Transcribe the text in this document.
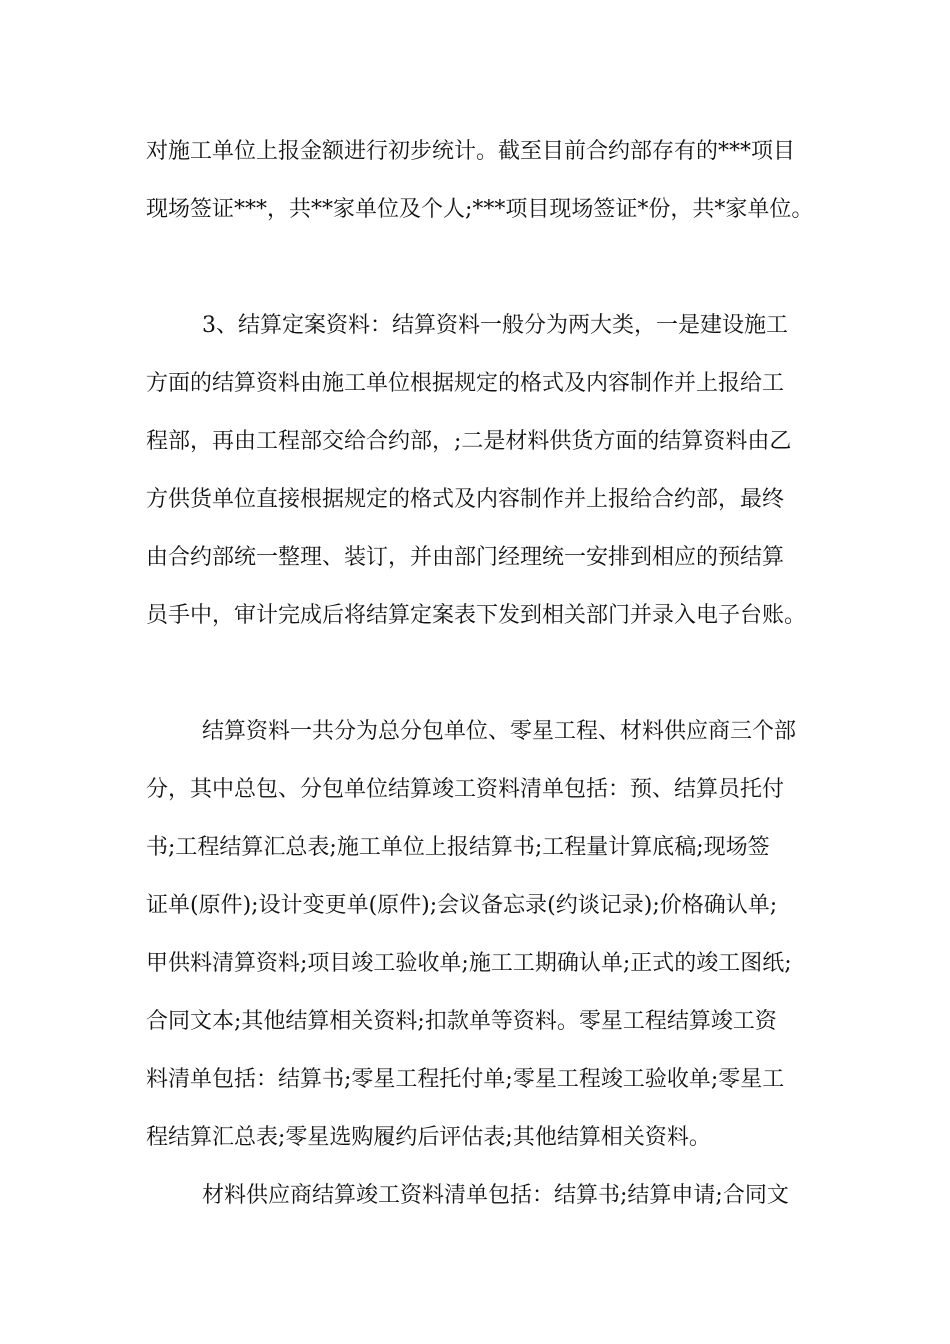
对施工单位上报金额进行初步统计。截至目前合约部存有的***项目
现场签证***，共**家单位及个人;***项目现场签证*份，共*家单位。
3、结算定案资料：结算资料一般分为两大类，一是建设施工
方面的结算资料由施工单位根据规定的格式及内容制作并上报给工
程部，再由工程部交给合约部，;二是材料供货方面的结算资料由乙
方供货单位直接根据规定的格式及内容制作并上报给合约部，最终
由合约部统一整理、装订，并由部门经理统一安排到相应的预结算
员手中，审计完成后将结算定案表下发到相关部门并录入电子台账。
结算资料一共分为总分包单位、零星工程、材料供应商三个部
分，其中总包、分包单位结算竣工资料清单包括：预、结算员托付
书;工程结算汇总表;施工单位上报结算书;工程量计算底稿;现场签
证单(原件);设计变更单(原件);会议备忘录(约谈记录);价格确认单;
甲供料清算资料;项目竣工验收单;施工工期确认单;正式的竣工图纸;
合同文本;其他结算相关资料;扣款单等资料。零星工程结算竣工资
料清单包括：结算书;零星工程托付单;零星工程竣工验收单;零星工
程结算汇总表;零星选购履约后评估表;其他结算相关资料。
材料供应商结算竣工资料清单包括：结算书;结算申请;合同文
